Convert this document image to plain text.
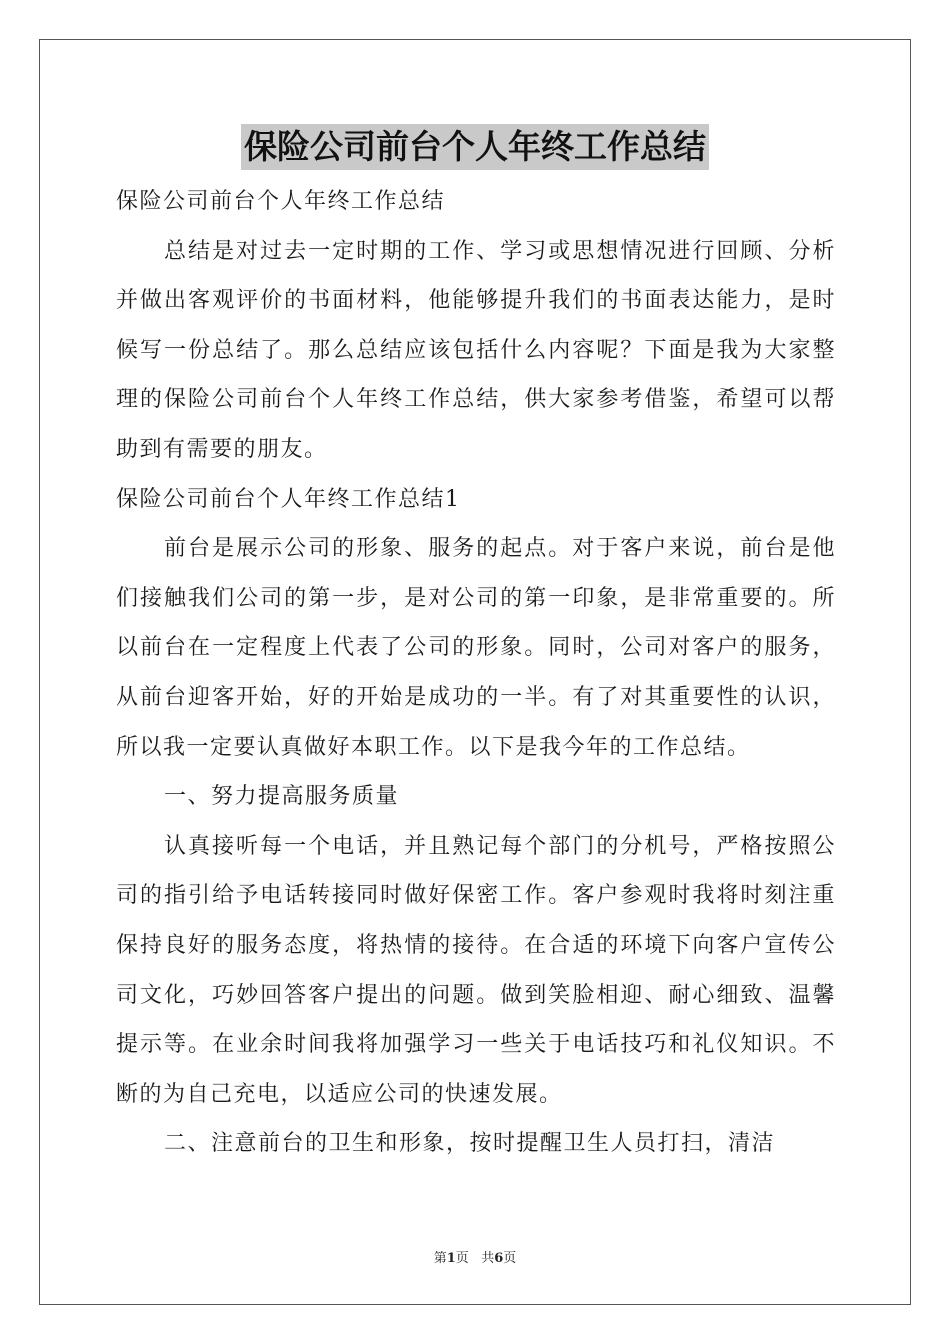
保险公司前台个人年终工作总结

保险公司前台个人年终工作总结

总结是对过去一定时期的工作、学习或思想情况进行回顾、分析并做出客观评价的书面材料，他能够提升我们的书面表达能力，是时候写一份总结了。那么总结应该包括什么内容呢？下面是我为大家整理的保险公司前台个人年终工作总结，供大家参考借鉴，希望可以帮助到有需要的朋友。

保险公司前台个人年终工作总结1

前台是展示公司的形象、服务的起点。对于客户来说，前台是他们接触我们公司的第一步，是对公司的第一印象，是非常重要的。所以前台在一定程度上代表了公司的形象。同时，公司对客户的服务，从前台迎客开始，好的开始是成功的一半。有了对其重要性的认识，所以我一定要认真做好本职工作。以下是我今年的工作总结。

一、努力提高服务质量

认真接听每一个电话，并且熟记每个部门的分机号，严格按照公司的指引给予电话转接同时做好保密工作。客户参观时我将时刻注重保持良好的服务态度，将热情的接待。在合适的环境下向客户宣传公司文化，巧妙回答客户提出的问题。做到笑脸相迎、耐心细致、温馨提示等。在业余时间我将加强学习一些关于电话技巧和礼仪知识。不断的为自己充电，以适应公司的快速发展。

二、注意前台的卫生和形象，按时提醒卫生人员打扫，清洁

第1页 共6页
